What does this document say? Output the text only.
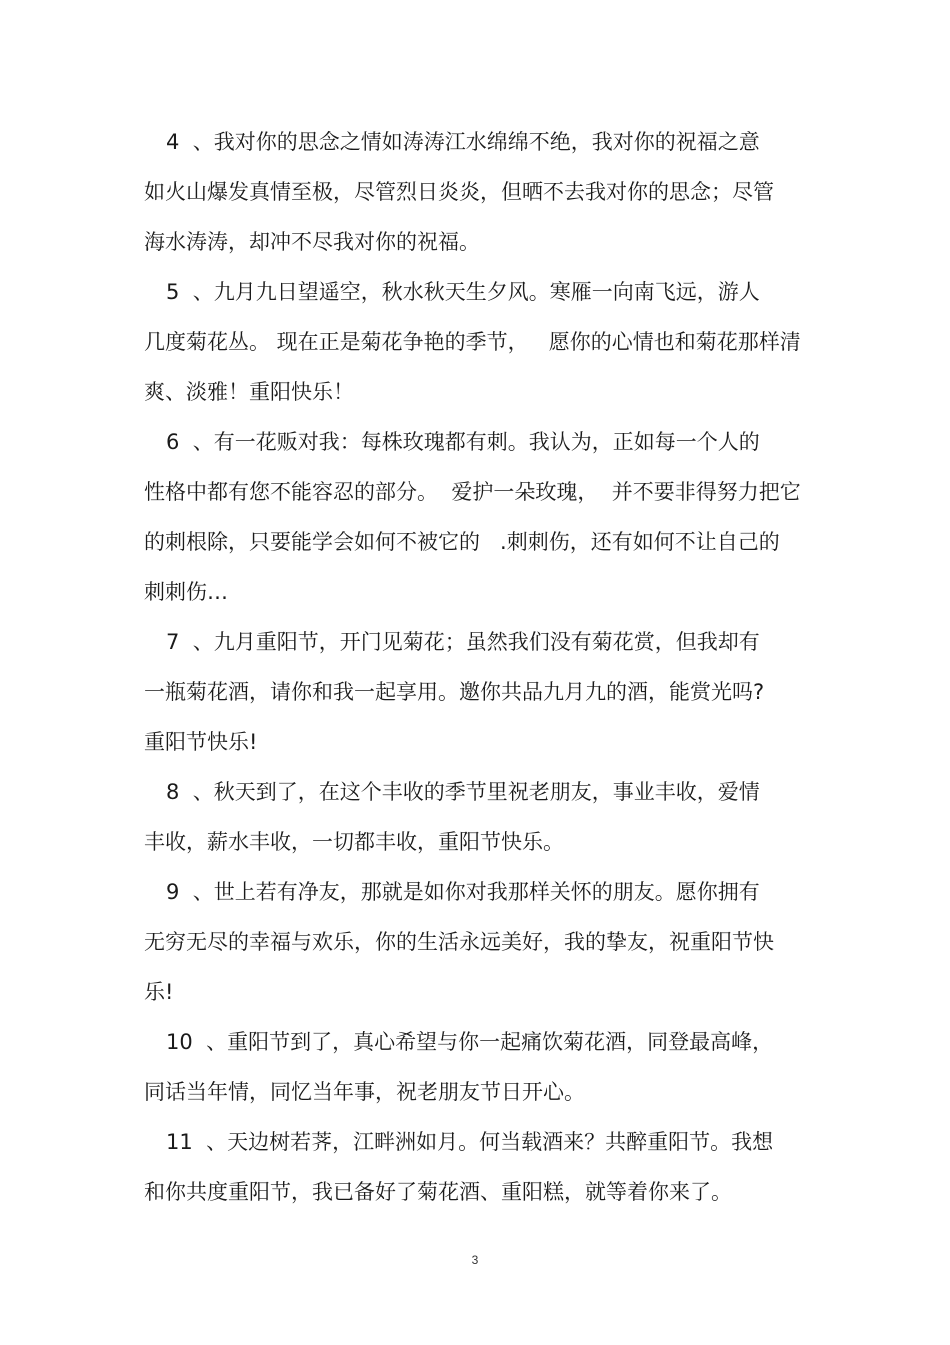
4  、我对你的思念之情如涛涛江水绵绵不绝，我对你的祝福之意
如火山爆发真情至极，尽管烈日炎炎，但晒不去我对你的思念；尽管
海水涛涛，却冲不尽我对你的祝福。
5  、九月九日望遥空，秋水秋天生夕风。寒雁一向南飞远，游人
几度菊花丛。 现在正是菊花争艳的季节，   愿你的心情也和菊花那样清
爽、淡雅！重阳快乐！
6  、有一花贩对我：每株玫瑰都有刺。我认为，正如每一个人的
性格中都有您不能容忍的部分。  爱护一朵玫瑰，  并不要非得努力把它
的刺根除，只要能学会如何不被它的   .刺刺伤，还有如何不让自己的
刺刺伤…
7  、九月重阳节，开门见菊花；虽然我们没有菊花赏，但我却有
一瓶菊花酒，请你和我一起享用。邀你共品九月九的酒，能赏光吗?
重阳节快乐!
8  、秋天到了，在这个丰收的季节里祝老朋友，事业丰收，爱情
丰收，薪水丰收，一切都丰收，重阳节快乐。
9  、世上若有净友，那就是如你对我那样关怀的朋友。愿你拥有
无穷无尽的幸福与欢乐，你的生活永远美好，我的挚友，祝重阳节快
乐!
10  、重阳节到了，真心希望与你一起痛饮菊花酒，同登最高峰，
同话当年情，同忆当年事，祝老朋友节日开心。
11  、天边树若荠，江畔洲如月。何当载酒来？共醉重阳节。我想
和你共度重阳节，我已备好了菊花酒、重阳糕，就等着你来了。
3
